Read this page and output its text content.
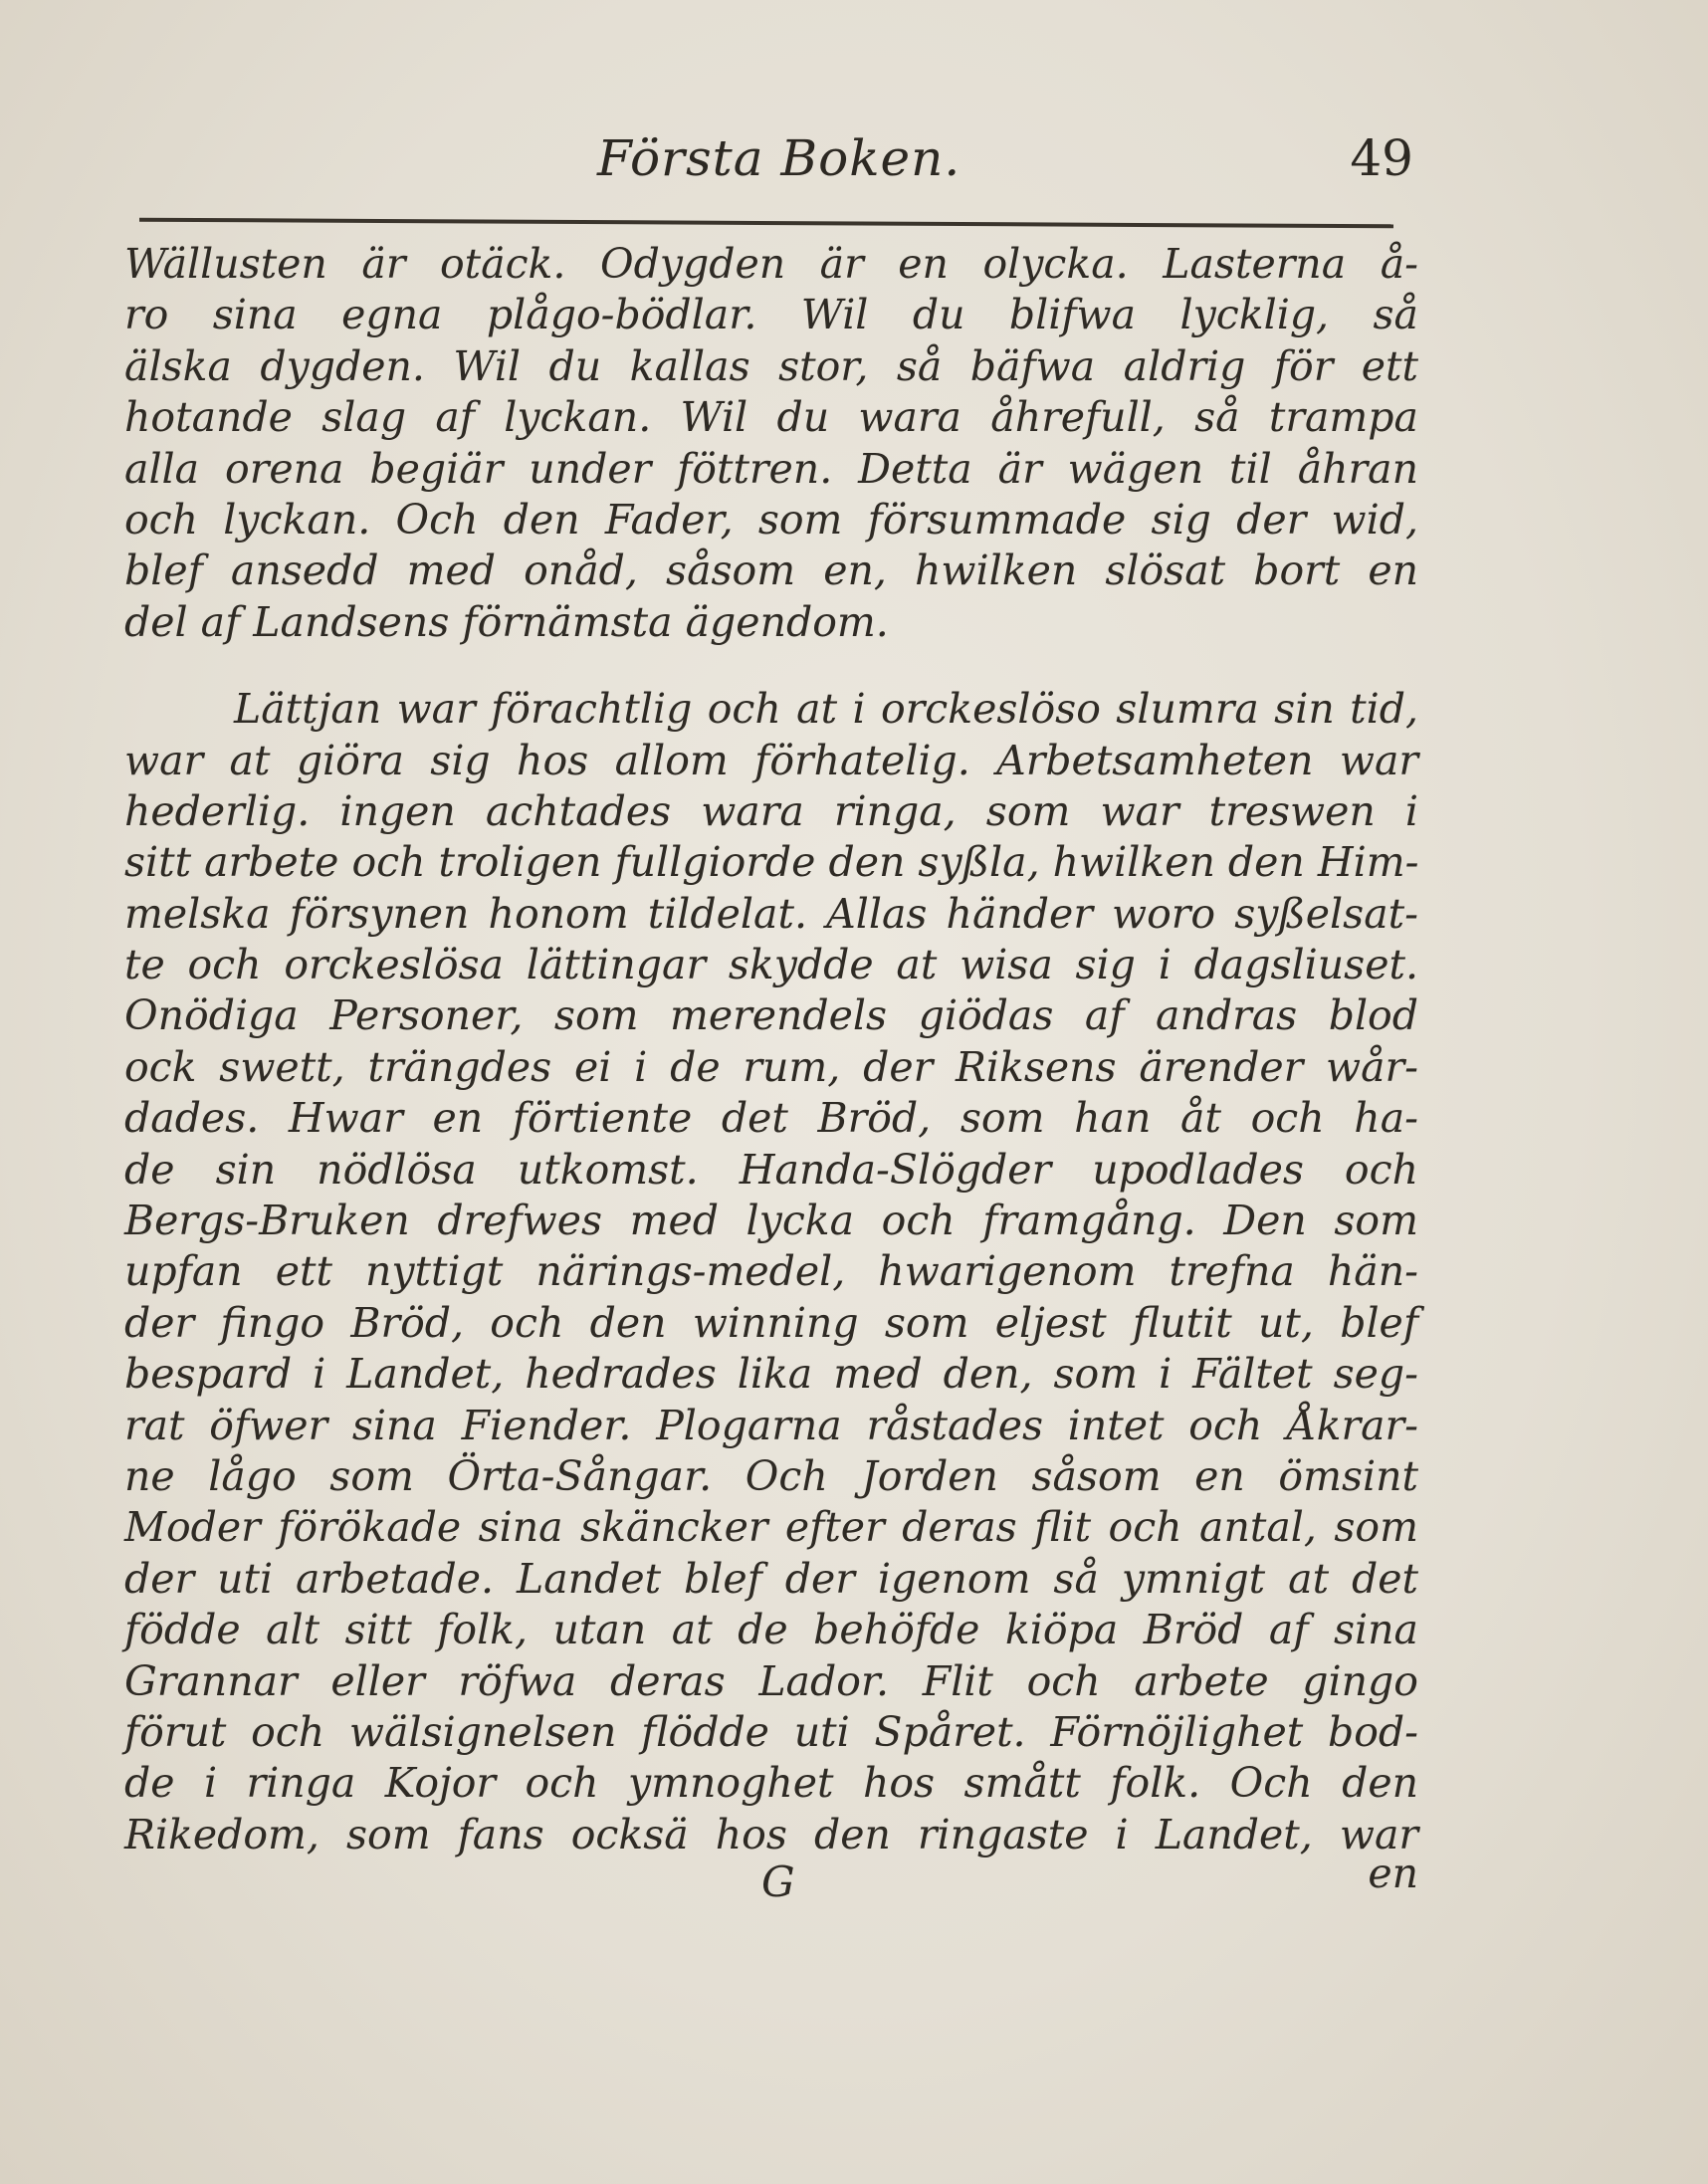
Första Boken.	49
Wällusten är otäck. Odygden är en olycka. Lasterna å-
ro sina egna plågo-bödlar. Wil du blifwa lycklig, så
älska dygden. Wil du kallas stor, så bäfwa aldrig för ett
hotande slag af lyckan. Wil du wara åhrefull, så trampa
alla orena begiär under föttren. Detta är wägen til åhran
och lyckan. Och den Fader, som försummade sig der wid,
blef ansedd med onåd, såsom en, hwilken slösat bort en
del af Landsens förnämsta ägendom.
Lättjan war förachtlig och at i orckeslöso slumra sin tid,
war at giöra sig hos allom förhatelig. Arbetsamheten war
hederlig. ingen achtades wara ringa, som war treswen i
sitt arbete och troligen fullgiorde den syßla, hwilken den Him-
melska försynen honom tildelat. Allas händer woro syßelsat-
te och orckeslösa lättingar skydde at wisa sig i dagsliuset.
Onödiga Personer, som merendels giödas af andras blod
ock swett, trängdes ei i de rum, der Riksens ärender wår-
dades. Hwar en förtiente det Bröd, som han åt och ha-
de sin nödlösa utkomst. Handa-Slögder upodlades och
Bergs-Bruken drefwes med lycka och framgång. Den som
upfan ett nyttigt närings-medel, hwarigenom trefna hän-
der fingo Bröd, och den winning som eljest flutit ut, blef
bespard i Landet, hedrades lika med den, som i Fältet seg-
rat öfwer sina Fiender. Plogarna råstades intet och Åkrar-
ne lågo som Örta-Sångar. Och Jorden såsom en ömsint
Moder förökade sina skäncker efter deras flit och antal, som
der uti arbetade. Landet blef der igenom så ymnigt at det
födde alt sitt folk, utan at de behöfde kiöpa Bröd af sina
Grannar eller röfwa deras Lador. Flit och arbete gingo
förut och wälsignelsen flödde uti Spåret. Förnöjlighet bod-
de i ringa Kojor och ymnoghet hos smått folk. Och den
Rikedom, som fans ocksä hos den ringaste i Landet, war
G	en
